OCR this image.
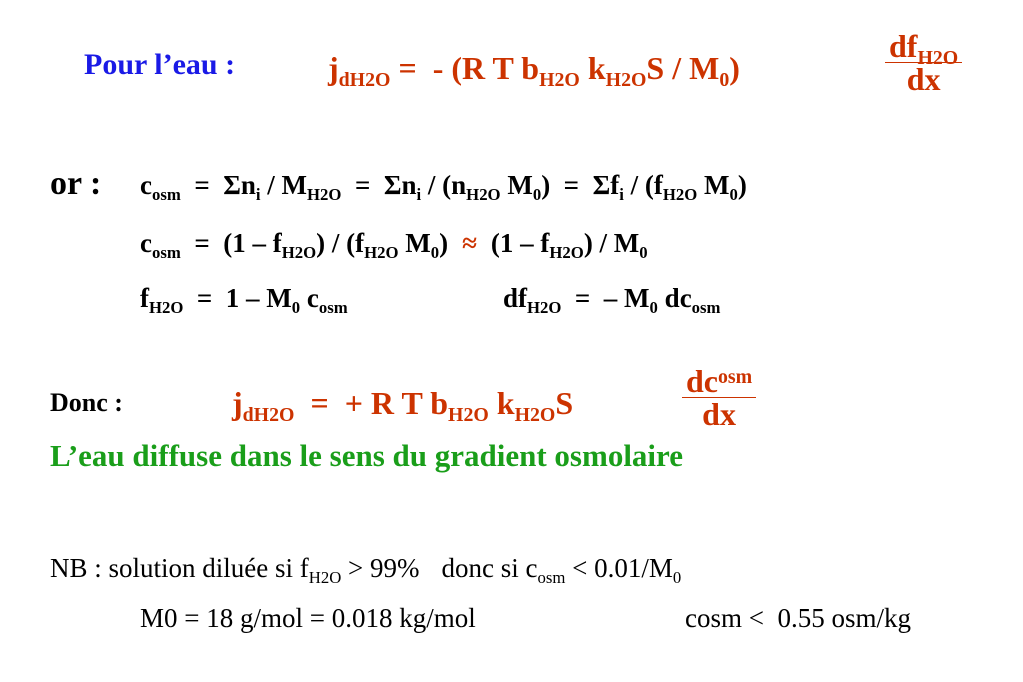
Pour l’eau :	$j_{dH2O}$ =  - (R T $b_{H2O}$ $k_{H2O}S / M_0$)
$df_{H2O}$
dx
or : $c_{osm} = \Sigma n_i / M_{H2O} = \Sigma n_i / (n_{H2O}$ $M_0) = \Sigma f_i / (f_{H2O}$ $M_0$)
$c_{osm} = (1 - f_{H2O}) / (f_{H2O}$ $M_0) \approx (1 - f_{H2O}) / M_0$
$f_{H2O} = 1 - M_0$ $c_{osm}$	$df_{H2O}$  =  – $M_0$ $dc_{osm}$
Donc :	$j_{dH2O}$  =  + R T $b_{H2O}$ $k_{H2O}S$	$\frac{dc^{osm}}{dx}$
L’eau diffuse dans le sens du gradient osmolaire
NB : solution diluée si $f_{H2O} > 99\%$ donc si $c_{osm} < 0.01/M_0$
M0 = 18 g/mol = 0.018 kg/mol	cosm <  0.55 osm/kg
